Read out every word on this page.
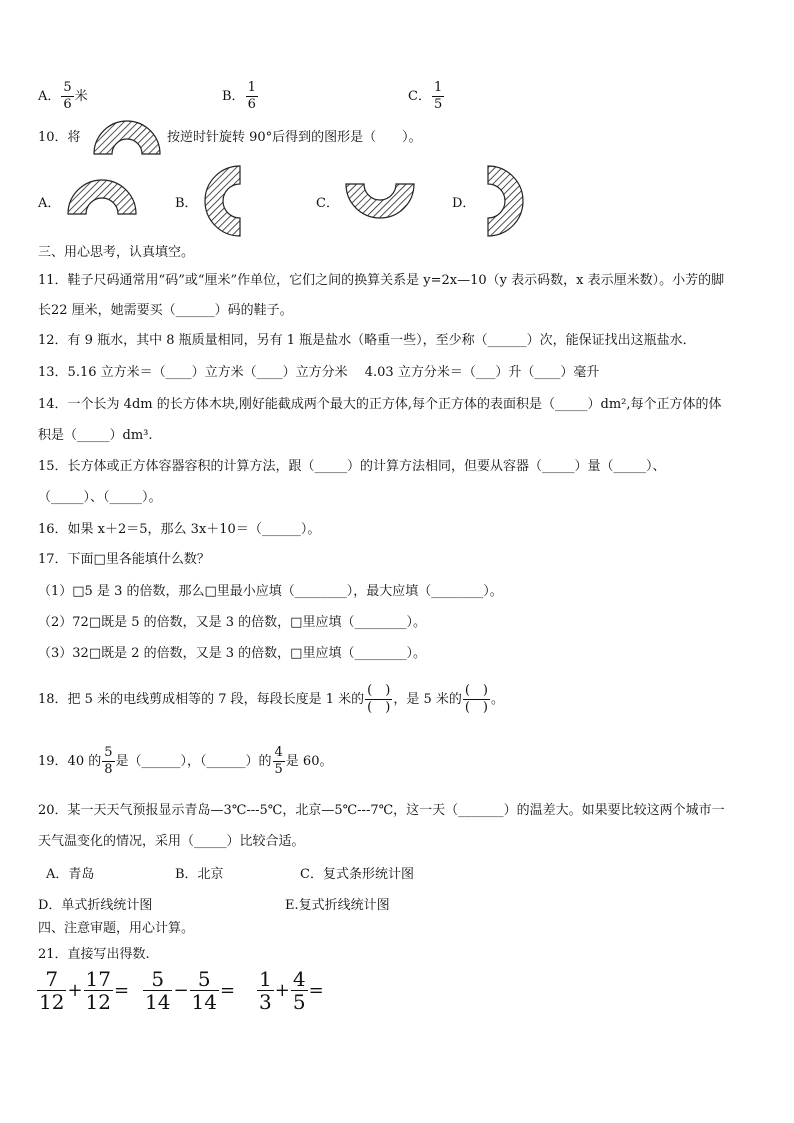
A． $\frac{5}{6}$ 米	B． $\frac{1}{6}$	C． $\frac{1}{5}$
10．将	按逆时针旋转 90°后得到的图形是（　　）。
A．	B．	C．	D．
三、用心思考，认真填空。
11．鞋子尺码通常用“码”或“厘米”作单位，它们之间的换算关系是 y=2x—10（y 表示码数，x 表示厘米数）。小芳的脚
长22 厘米，她需要买（______）码的鞋子。
12．有 9 瓶水，其中 8 瓶质量相同，另有 1 瓶是盐水（略重一些），至少称（______）次，能保证找出这瓶盐水．
13．5.16 立方米＝（____）立方米（____）立方分米　 4.03 立方分米＝（___）升（____）毫升
14．一个长为 4dm 的长方体木块,刚好能截成两个最大的正方体,每个正方体的表面积是（_____）dm²,每个正方体的体
积是（_____）dm³.
15．长方体或正方体容器容积的计算方法，跟（_____）的计算方法相同，但要从容器（_____）量（_____）、
（_____）、（_____）。
16．如果 x＋2＝5，那么 3x＋10＝（______）。
17．下面□里各能填什么数？
（1）□5 是 3 的倍数，那么□里最小应填（________），最大应填（________）。
（2）72□既是 5 的倍数，又是 3 的倍数，□里应填（________）。
（3）32□既是 2 的倍数，又是 3 的倍数，□里应填（________）。
18．把 5 米的电线剪成相等的 7 段，每段长度是 1 米的 $\frac{( )}{( )}$ ，是 5 米的 $\frac{( )}{( )}$ 。
19．40 的 $\frac{5}{8}$ 是（______），（______）的 $\frac{4}{5}$ 是 60。
20．某一天天气预报显示青岛—3℃---5℃，北京—5℃---7℃，这一天（_______）的温差大。如果要比较这两个城市一
天气温变化的情况，采用（_____）比较合适。
A．青岛	B．北京	C．复式条形统计图
D．单式折线统计图	E.复式折线统计图
四、注意审题，用心计算。
21．直接写出得数.
$\frac{7}{12} + \frac{17}{12} = \frac{5}{14} - \frac{5}{14} = \frac{1}{3} + \frac{4}{5}$ =
